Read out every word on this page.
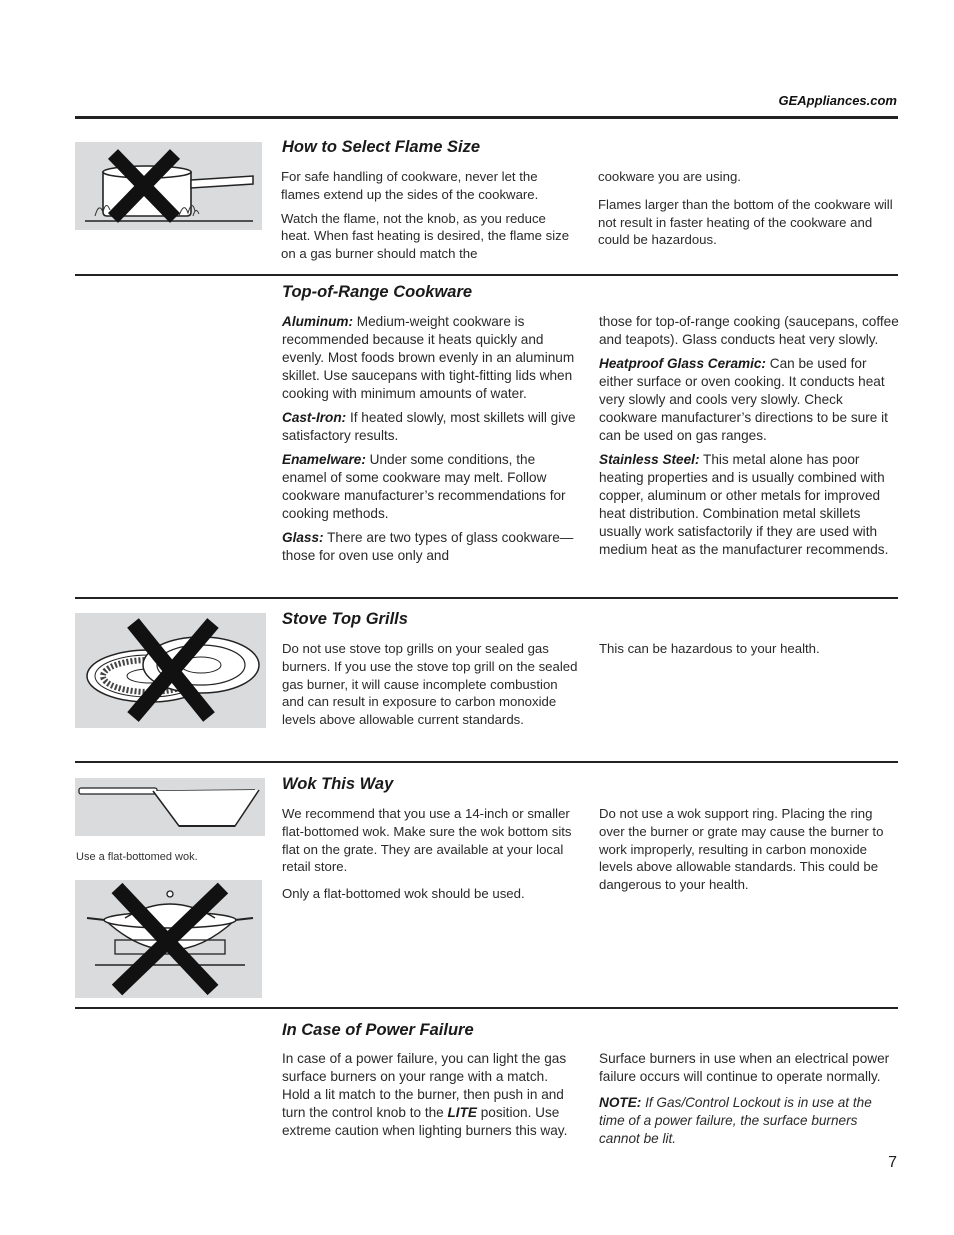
GEAppliances.com
How to Select Flame Size

For safe handling of cookware, never let the flames extend up the sides of the cookware.

Watch the flame, not the knob, as you reduce heat. When fast heating is desired, the flame size on a gas burner should match the

cookware you are using.

Flames larger than the bottom of the cookware will not result in faster heating of the cookware and could be hazardous.

Top-of-Range Cookware

Aluminum: Medium-weight cookware is recommended because it heats quickly and evenly. Most foods brown evenly in an aluminum skillet. Use saucepans with tight-fitting lids when cooking with minimum amounts of water.

Cast-Iron: If heated slowly, most skillets will give satisfactory results.

Enamelware: Under some conditions, the enamel of some cookware may melt. Follow cookware manufacturer’s recommendations for cooking methods.

Glass: There are two types of glass cookware—those for oven use only and

those for top-of-range cooking (saucepans, coffee and teapots). Glass conducts heat very slowly.

Heatproof Glass Ceramic: Can be used for either surface or oven cooking. It conducts heat very slowly and cools very slowly. Check cookware manufacturer’s directions to be sure it can be used on gas ranges.

Stainless Steel: This metal alone has poor heating properties and is usually combined with copper, aluminum or other metals for improved heat distribution. Combination metal skillets usually work satisfactorily if they are used with medium heat as the manufacturer recommends.

Stove Top Grills

Do not use stove top grills on your sealed gas burners. If you use the stove top grill on the sealed gas burner, it will cause incomplete combustion and can result in exposure to carbon monoxide levels above allowable current standards.

This can be hazardous to your health.

Use a flat-bottomed wok.
Wok This Way

We recommend that you use a 14-inch or smaller flat-bottomed wok. Make sure the wok bottom sits flat on the grate. They are available at your local retail store.

Only a flat-bottomed wok should be used.

Do not use a wok support ring. Placing the ring over the burner or grate may cause the burner to work improperly, resulting in carbon monoxide levels above allowable standards. This could be dangerous to your health.

In Case of Power Failure

In case of a power failure, you can light the gas surface burners on your range with a match. Hold a lit match to the burner, then push in and turn the control knob to the LITE position. Use extreme caution when lighting burners this way.

Surface burners in use when an electrical power failure occurs will continue to operate normally.

NOTE: If Gas/Control Lockout is in use at the time of a power failure, the surface burners cannot be lit.

7
